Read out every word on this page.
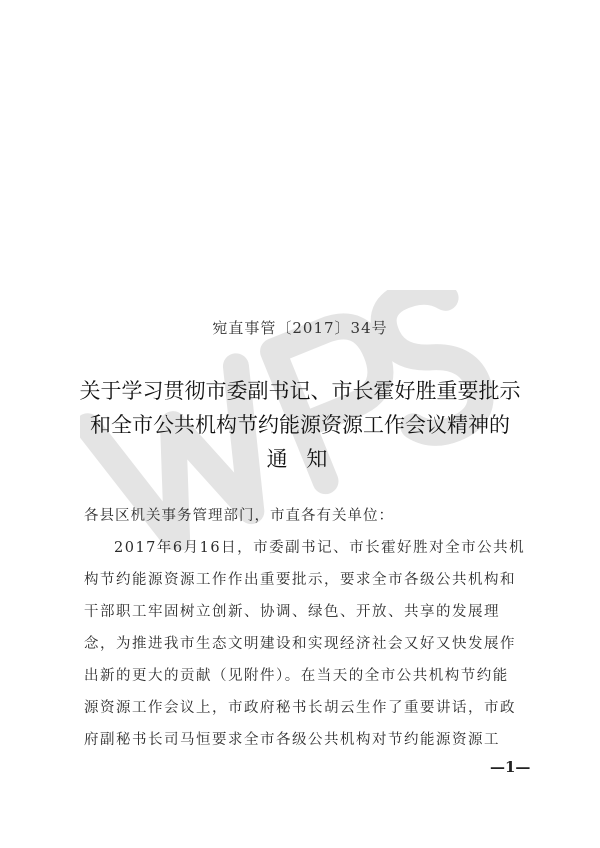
宛直事管〔2017〕34号
关于学习贯彻市委副书记、市长霍好胜重要批示
和全市公共机构节约能源资源工作会议精神的
通 知
各县区机关事务管理部门，市直各有关单位：
2017年6月16日，市委副书记、市长霍好胜对全市公共机
构节约能源资源工作作出重要批示，要求全市各级公共机构和
干部职工牢固树立创新、协调、绿色、开放、共享的发展理
念，为推进我市生态文明建设和实现经济社会又好又快发展作
出新的更大的贡献（见附件）。在当天的全市公共机构节约能
源资源工作会议上，市政府秘书长胡云生作了重要讲话，市政
府副秘书长司马恒要求全市各级公共机构对节约能源资源工
—1—
